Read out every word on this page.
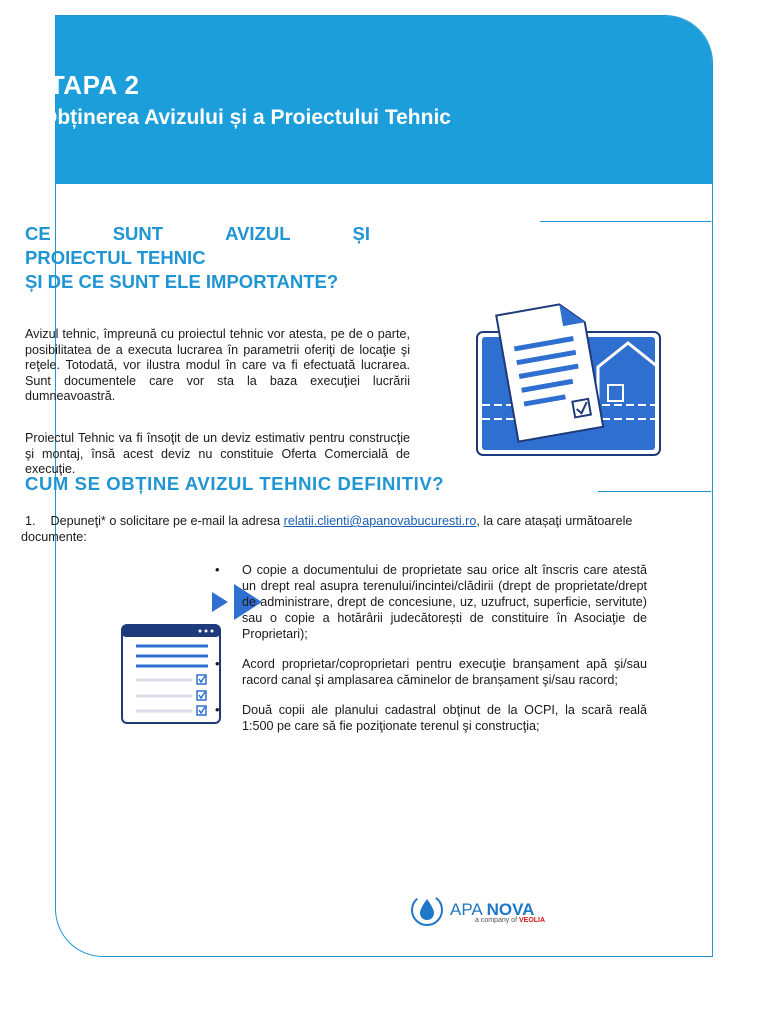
ETAPA 2
Obținerea Avizului și a Proiectului Tehnic
CE	SUNT	AVIZUL	ȘI
PROIECTUL TEHNIC
ȘI DE CE SUNT ELE IMPORTANTE?
Avizul tehnic, împreună cu proiectul tehnic vor atesta, pe de o parte, posibilitatea de a executa lucrarea în parametrii oferiţi de locaţie şi reţele. Totodată, vor ilustra modul în care va fi efectuată lucrarea. Sunt documentele care vor sta la baza execuţiei lucrării dumneavoastră.
Proiectul Tehnic va fi însoţit de un deviz estimativ pentru construcţie şi montaj, însă acest deviz nu constituie Oferta Comercială de execuţie.
CUM SE OBȚINE AVIZUL TEHNIC DEFINITIV?
1. Depuneţi* o solicitare pe e-mail la adresa relatii.clienti@apanovabucuresti.ro, la care atașaţi următoarele documente:
• O copie a documentului de proprietate sau orice alt înscris care atestă un drept real asupra terenului/incintei/clădirii (drept de proprietate/drept de administrare, drept de concesiune, uz, uzufruct, superficie, servitute) sau o copie a hotărârii judecătorești de constituire în Asociaţie de Proprietari);
• Acord proprietar/coproprietari pentru execuţie branșament apă şi/sau racord canal şi amplasarea căminelor de branșament şi/sau racord;
• Două copii ale planului cadastral obţinut de la OCPI, la scară reală 1:500 pe care să fie poziţionate terenul şi construcţia;
APA NOVA
a company of VEOLIA
